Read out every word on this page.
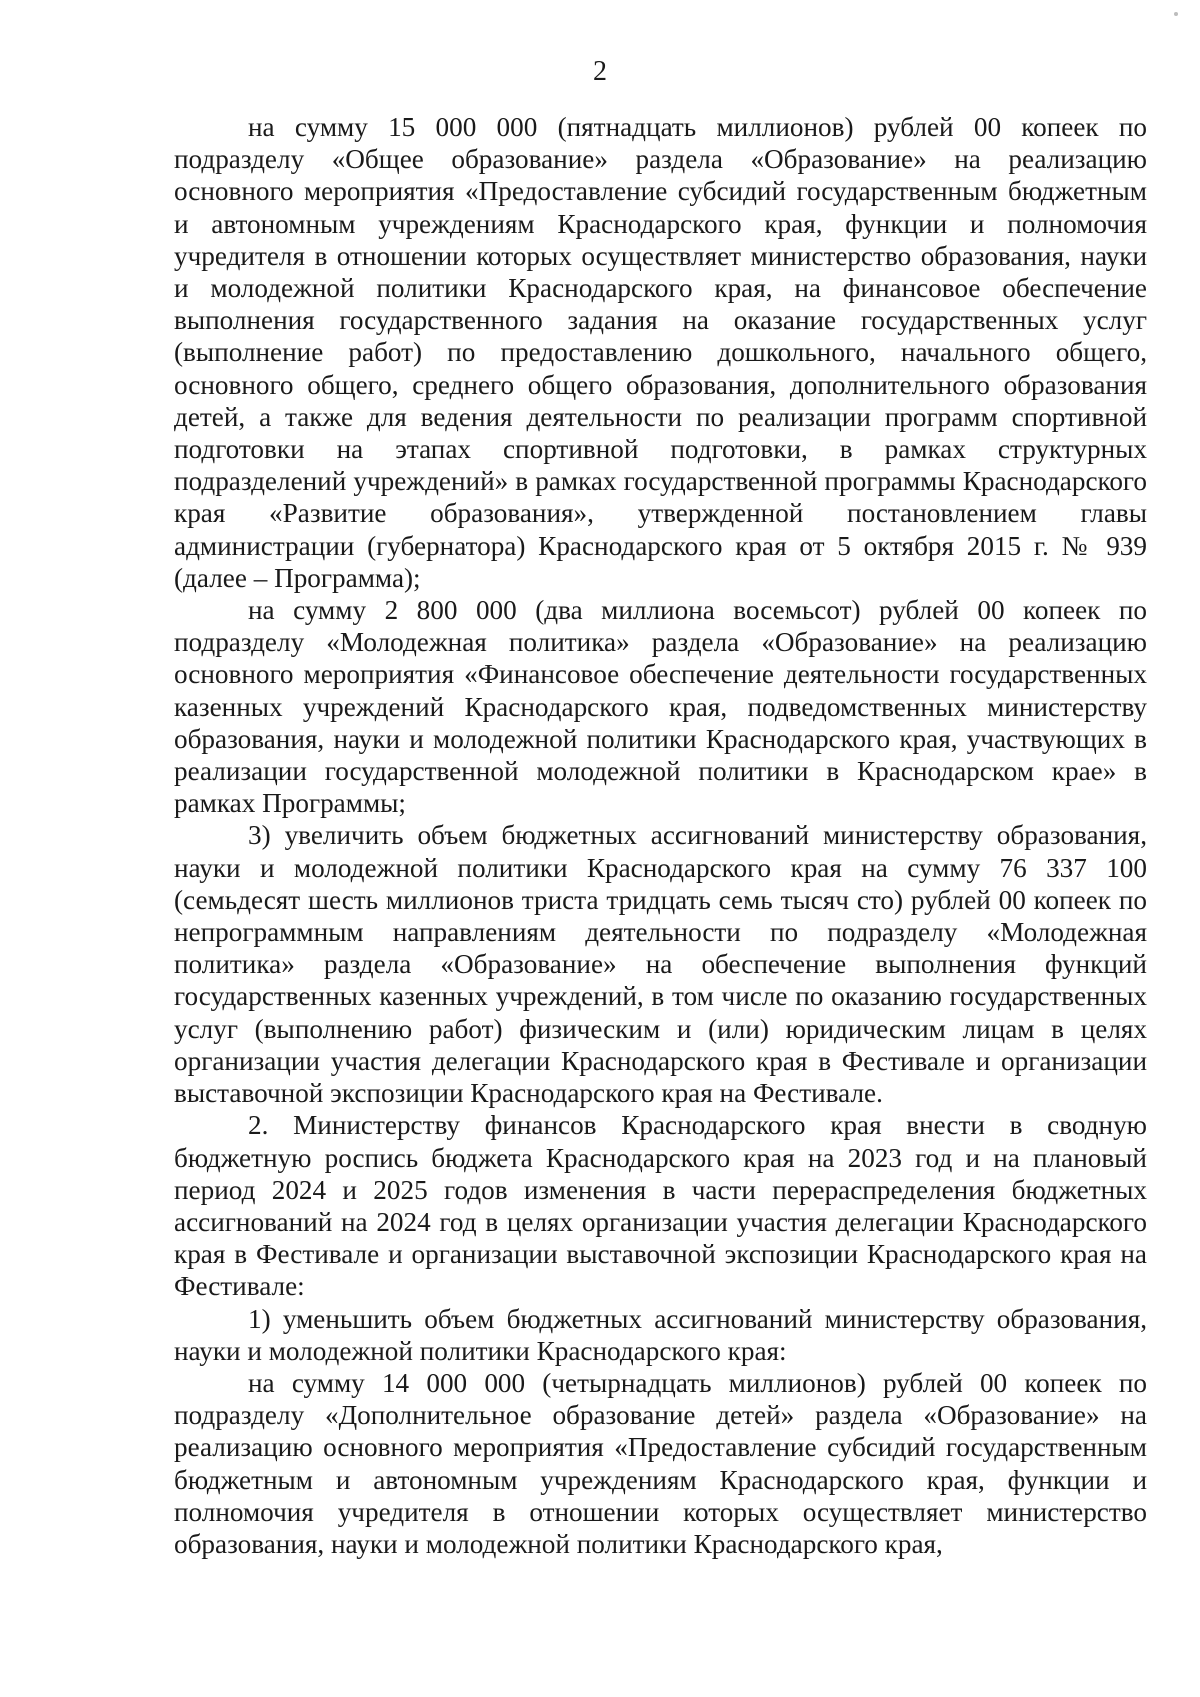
2

на сумму 15 000 000 (пятнадцать миллионов) рублей 00 копеек по подразделу «Общее образование» раздела «Образование» на реализацию основного мероприятия «Предоставление субсидий государственным бюджетным и автономным учреждениям Краснодарского края, функции и полномочия учредителя в отношении которых осуществляет министерство образования, науки и молодежной политики Краснодарского края, на финансовое обеспечение выполнения государственного задания на оказание государственных услуг (выполнение работ) по предоставлению дошкольного, начального общего, основного общего, среднего общего образования, дополнительного образования детей, а также для ведения деятельности по реализации программ спортивной подготовки на этапах спортивной подготовки, в рамках структурных подразделений учреждений» в рамках государственной программы Краснодарского края «Развитие образования», утвержденной постановлением главы администрации (губернатора) Краснодарского края от 5 октября 2015 г. № 939 (далее – Программа);

на сумму 2 800 000 (два миллиона восемьсот) рублей 00 копеек по подразделу «Молодежная политика» раздела «Образование» на реализацию основного мероприятия «Финансовое обеспечение деятельности государственных казенных учреждений Краснодарского края, подведомственных министерству образования, науки и молодежной политики Краснодарского края, участвующих в реализации государственной молодежной политики в Краснодарском крае» в рамках Программы;

3) увеличить объем бюджетных ассигнований министерству образования, науки и молодежной политики Краснодарского края на сумму 76 337 100 (семьдесят шесть миллионов триста тридцать семь тысяч сто) рублей 00 копеек по непрограммным направлениям деятельности по подразделу «Молодежная политика» раздела «Образование» на обеспечение выполнения функций государственных казенных учреждений, в том числе по оказанию государственных услуг (выполнению работ) физическим и (или) юридическим лицам в целях организации участия делегации Краснодарского края в Фестивале и организации выставочной экспозиции Краснодарского края на Фестивале.

2. Министерству финансов Краснодарского края внести в сводную бюджетную роспись бюджета Краснодарского края на 2023 год и на плановый период 2024 и 2025 годов изменения в части перераспределения бюджетных ассигнований на 2024 год в целях организации участия делегации Краснодарского края в Фестивале и организации выставочной экспозиции Краснодарского края на Фестивале:

1) уменьшить объем бюджетных ассигнований министерству образования, науки и молодежной политики Краснодарского края:

на сумму 14 000 000 (четырнадцать миллионов) рублей 00 копеек по подразделу «Дополнительное образование детей» раздела «Образование» на реализацию основного мероприятия «Предоставление субсидий государственным бюджетным и автономным учреждениям Краснодарского края, функции и полномочия учредителя в отношении которых осуществляет министерство образования, науки и молодежной политики Краснодарского края,
